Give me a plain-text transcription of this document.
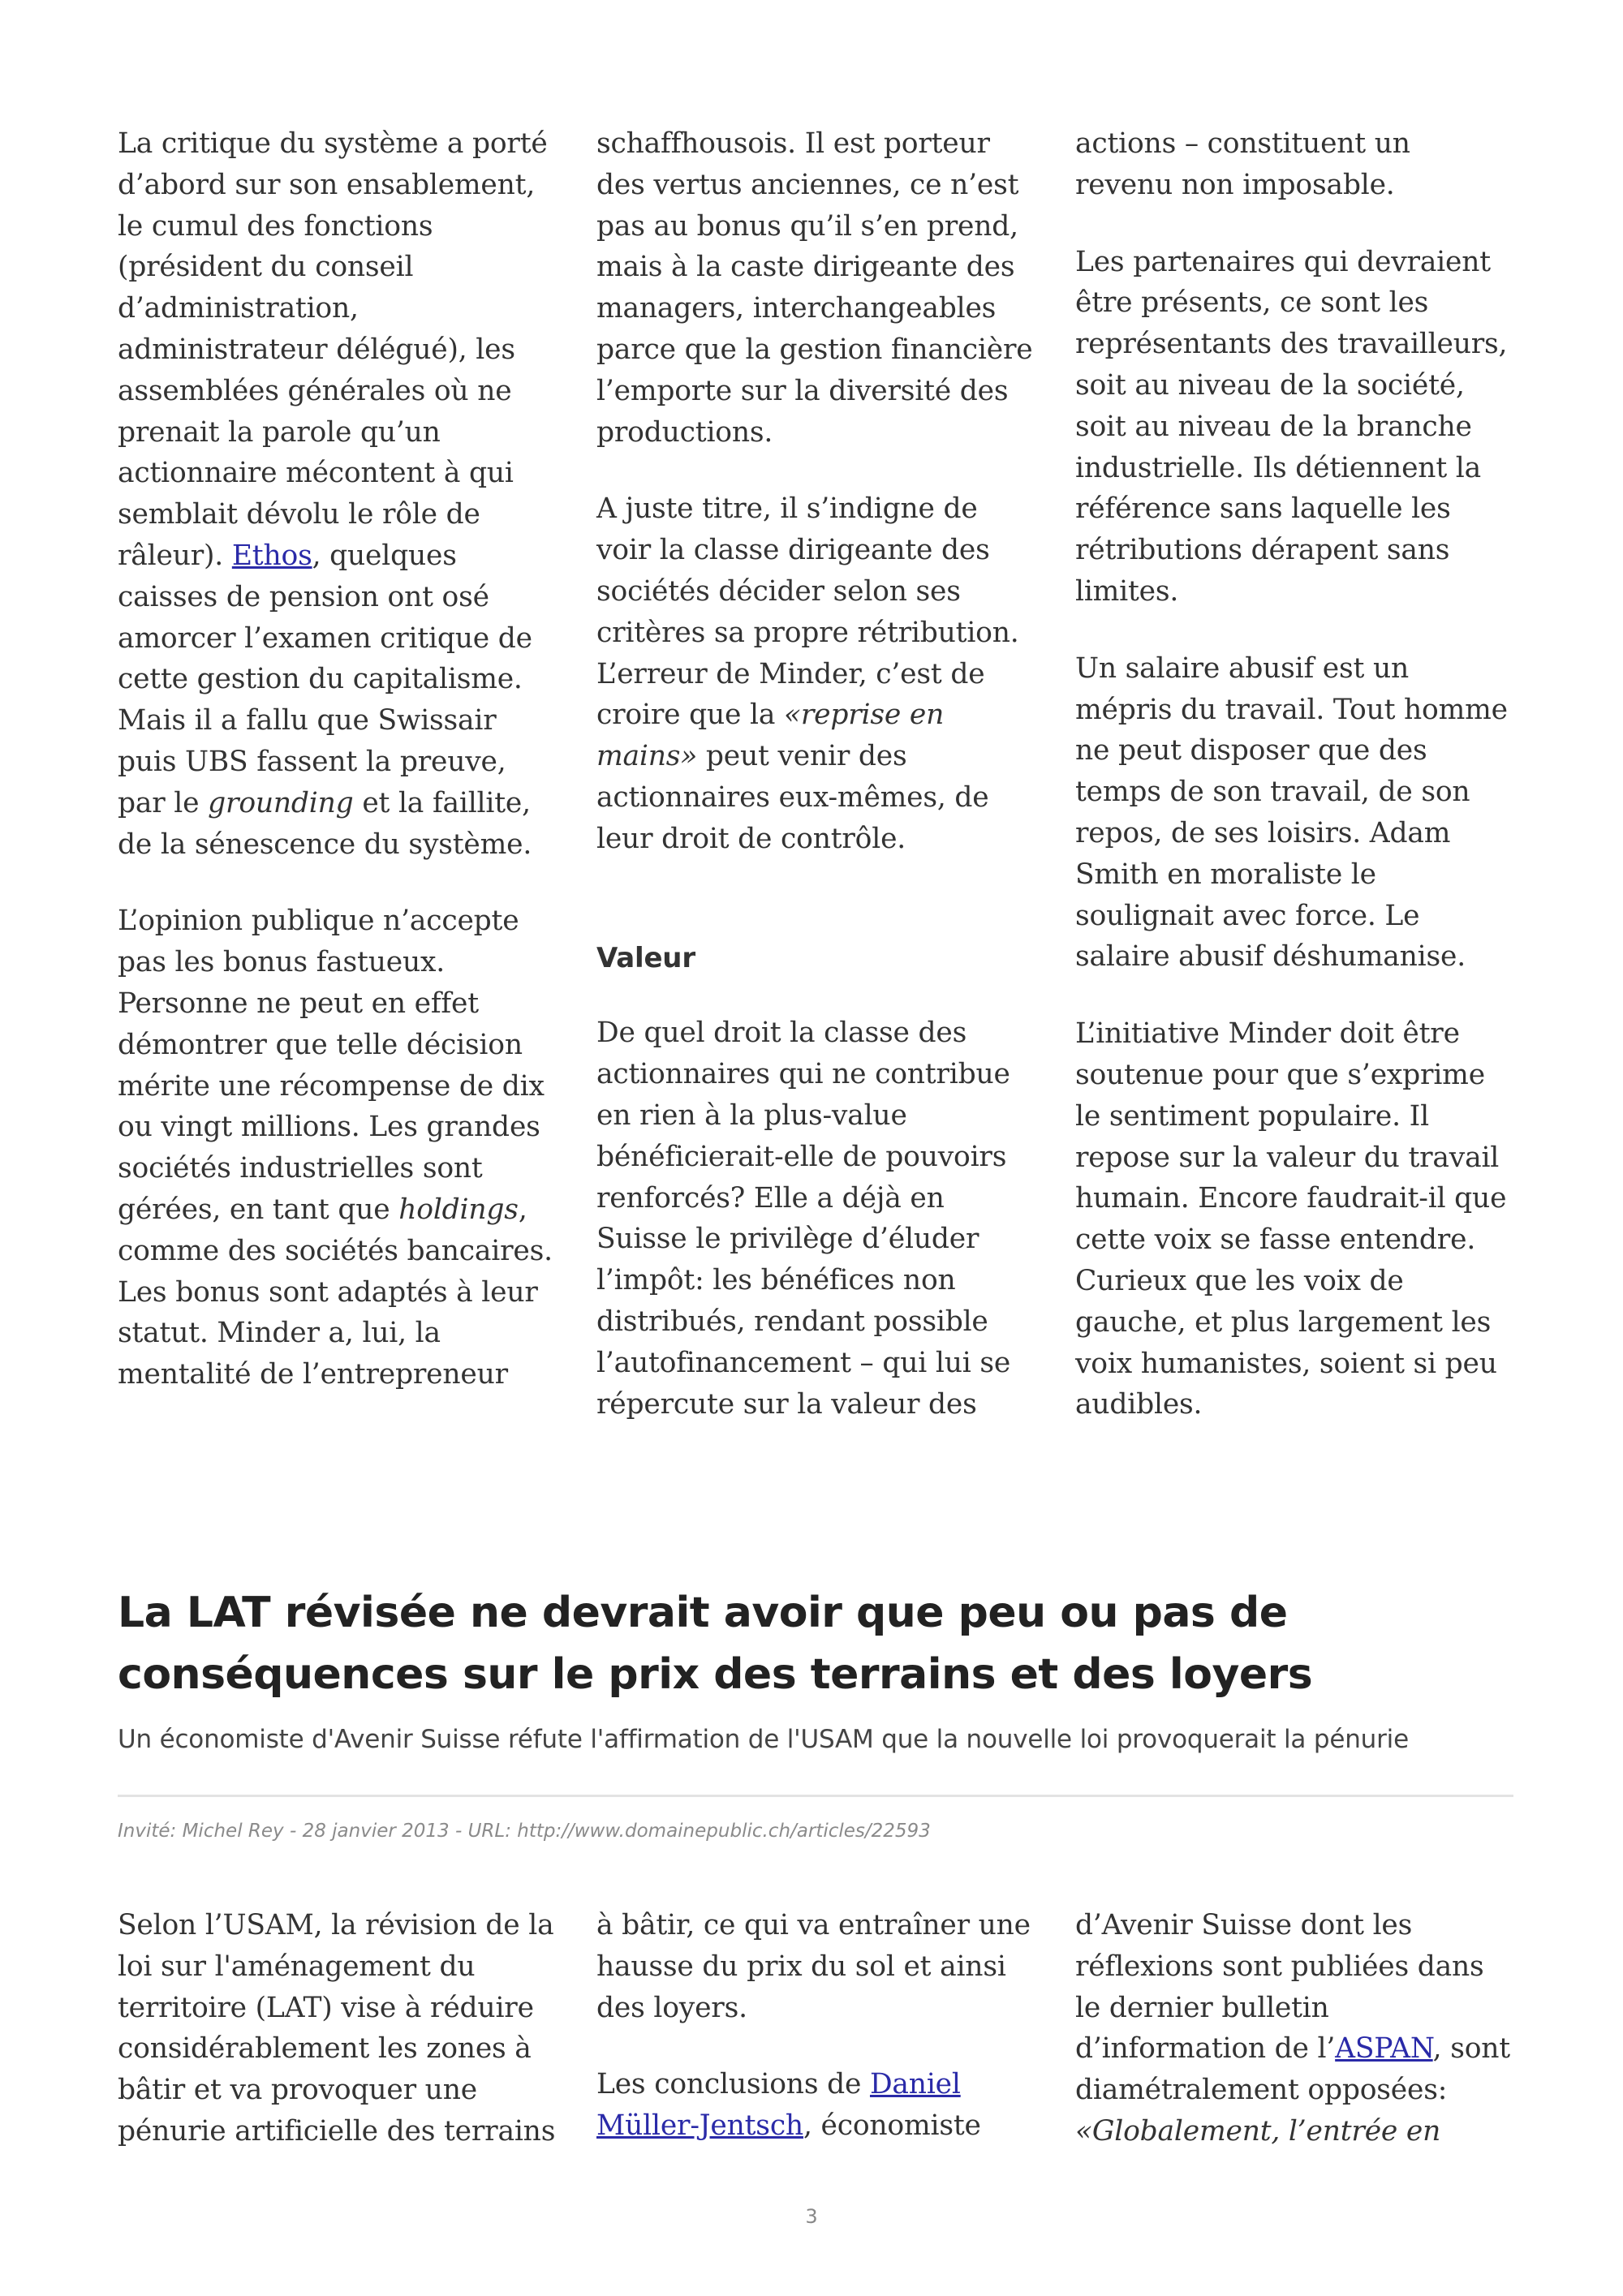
La critique du système a porté d’abord sur son ensablement, le cumul des fonctions (président du conseil d’administration, administrateur délégué), les assemblées générales où ne prenait la parole qu’un actionnaire mécontent à qui semblait dévolu le rôle de râleur). Ethos, quelques caisses de pension ont osé amorcer l’examen critique de cette gestion du capitalisme. Mais il a fallu que Swissair puis UBS fassent la preuve, par le grounding et la faillite, de la sénescence du système.

L’opinion publique n’accepte pas les bonus fastueux. Personne ne peut en effet démontrer que telle décision mérite une récompense de dix ou vingt millions. Les grandes sociétés industrielles sont gérées, en tant que holdings, comme des sociétés bancaires. Les bonus sont adaptés à leur statut. Minder a, lui, la mentalité de l’entrepreneur

schaffhousois. Il est porteur des vertus anciennes, ce n’est pas au bonus qu’il s’en prend, mais à la caste dirigeante des managers, interchangeables parce que la gestion financière l’emporte sur la diversité des productions.

A juste titre, il s’indigne de voir la classe dirigeante des sociétés décider selon ses critères sa propre rétribution. L’erreur de Minder, c’est de croire que la «reprise en mains» peut venir des actionnaires eux-mêmes, de leur droit de contrôle.

Valeur

De quel droit la classe des actionnaires qui ne contribue en rien à la plus-value bénéficierait-elle de pouvoirs renforcés? Elle a déjà en Suisse le privilège d’éluder l’impôt: les bénéfices non distribués, rendant possible l’autofinancement – qui lui se répercute sur la valeur des

actions – constituent un revenu non imposable.

Les partenaires qui devraient être présents, ce sont les représentants des travailleurs, soit au niveau de la société, soit au niveau de la branche industrielle. Ils détiennent la référence sans laquelle les rétributions dérapent sans limites.

Un salaire abusif est un mépris du travail. Tout homme ne peut disposer que des temps de son travail, de son repos, de ses loisirs. Adam Smith en moraliste le soulignait avec force. Le salaire abusif déshumanise.

L’initiative Minder doit être soutenue pour que s’exprime le sentiment populaire. Il repose sur la valeur du travail humain. Encore faudrait-il que cette voix se fasse entendre. Curieux que les voix de gauche, et plus largement les voix humanistes, soient si peu audibles.

La LAT révisée ne devrait avoir que peu ou pas de conséquences sur le prix des terrains et des loyers

Un économiste d'Avenir Suisse réfute l'affirmation de l'USAM que la nouvelle loi provoquerait la pénurie

Invité: Michel Rey - 28 janvier 2013 - URL: http://www.domainepublic.ch/articles/22593

Selon l’USAM, la révision de la loi sur l'aménagement du territoire (LAT) vise à réduire considérablement les zones à bâtir et va provoquer une pénurie artificielle des terrains

à bâtir, ce qui va entraîner une hausse du prix du sol et ainsi des loyers.

Les conclusions de Daniel Müller-Jentsch, économiste

d’Avenir Suisse dont les réflexions sont publiées dans le dernier bulletin d’information de l’ASPAN, sont diamétralement opposées: «Globalement, l’entrée en

3
